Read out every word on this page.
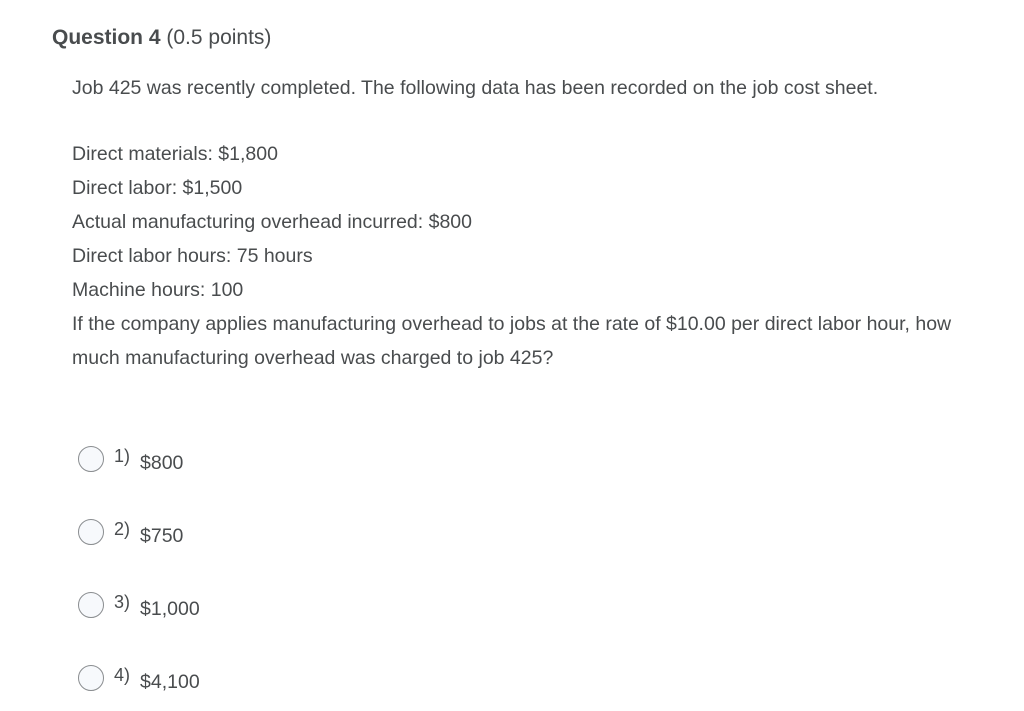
Question 4 (0.5 points)

Job 425 was recently completed. The following data has been recorded on the job cost sheet.

Direct materials: $1,800

Direct labor: $1,500

Actual manufacturing overhead incurred: $800

Direct labor hours: 75 hours

Machine hours: 100

If the company applies manufacturing overhead to jobs at the rate of $10.00 per direct labor hour, how much manufacturing overhead was charged to job 425?

1) $800
2) $750
3) $1,000
4) $4,100
